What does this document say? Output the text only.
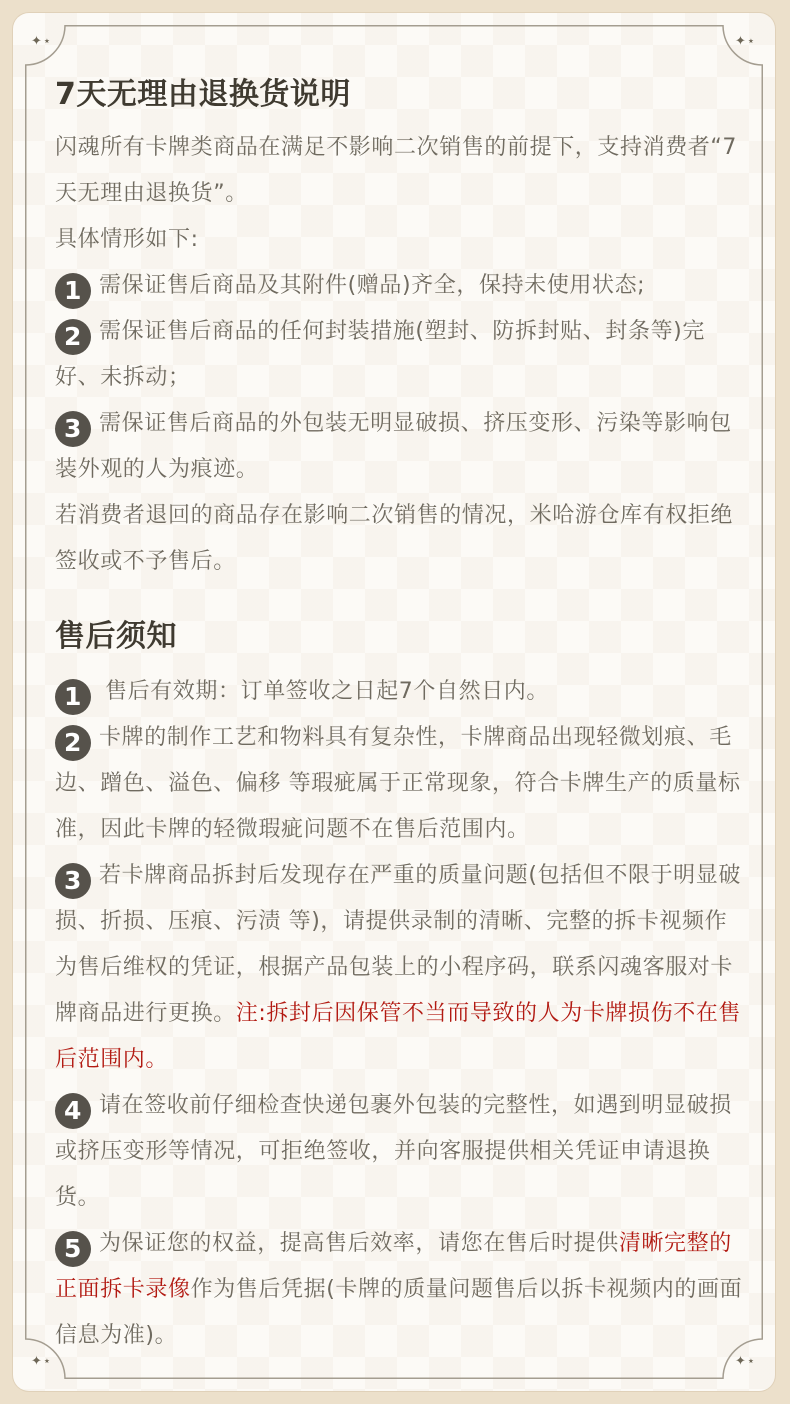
✦⋆	✦⋆
✦⋆	✦⋆
7天无理由退换货说明
闪魂所有卡牌类商品在满足不影响二次销售的前提下，支持消费者“7天无理由退换货”。
具体情形如下:
1 需保证售后商品及其附件(赠品)齐全，保持未使用状态;
2 需保证售后商品的任何封装措施(塑封、防拆封贴、封条等)完好、未拆动；
3 需保证售后商品的外包装无明显破损、挤压变形、污染等影响包装外观的人为痕迹。
若消费者退回的商品存在影响二次销售的情况，米哈游仓库有权拒绝签收或不予售后。
售后须知
1 售后有效期：订单签收之日起7个自然日内。
2 卡牌的制作工艺和物料具有复杂性，卡牌商品出现轻微划痕、毛边、蹭色、溢色、偏移 等瑕疵属于正常现象，符合卡牌生产的质量标准，因此卡牌的轻微瑕疵问题不在售后范围内。
3 若卡牌商品拆封后发现存在严重的质量问题(包括但不限于明显破损、折损、压痕、污渍 等)，请提供录制的清晰、完整的拆卡视频作为售后维权的凭证，根据产品包装上的小程序码，联系闪魂客服对卡牌商品进行更换。注:拆封后因保管不当而导致的人为卡牌损伤不在售后范围内。
4 请在签收前仔细检查快递包裹外包装的完整性，如遇到明显破损或挤压变形等情况，可拒绝签收，并向客服提供相关凭证申请退换货。
5 为保证您的权益，提高售后效率，请您在售后时提供清晰完整的正面拆卡录像作为售后凭据(卡牌的质量问题售后以拆卡视频内的画面信息为准)。
